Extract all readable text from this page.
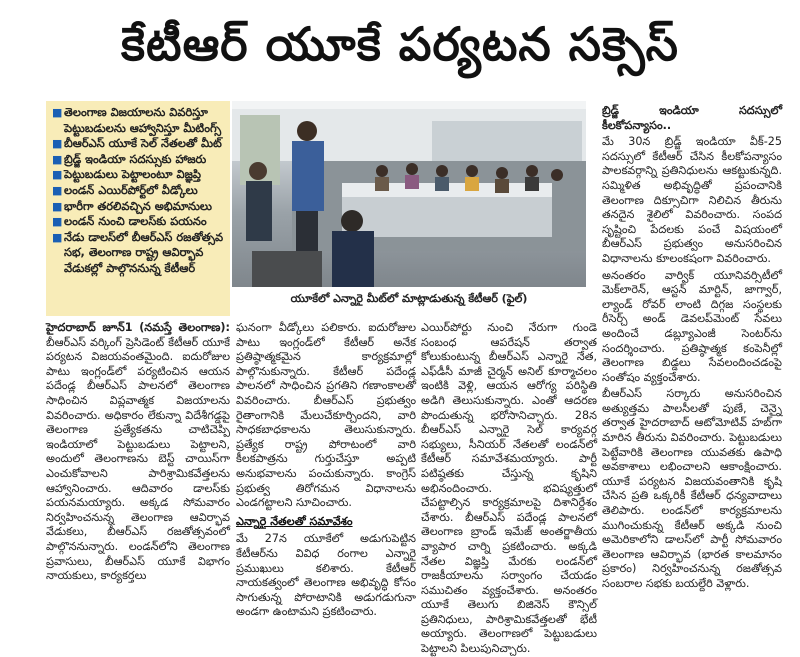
కేటీఆర్ యూకే పర్యటన సక్సెస్
■ తెలంగాణ విజయాలను వివరిస్తూ పెట్టుబడులను ఆహ్వానిస్తూ మీటింగ్స్
■ బీఆర్ఎస్ యూకే సెల్ నేతలతో మీట్
■ బ్రిడ్జ్ ఇండియా సదస్సుకు హాజరు
■ పెట్టుబడులు పెట్టాలంటూ విజ్ఞప్తి
■ లండన్ ఎయిర్‌పోర్ట్‌లో వీడ్కోలు
■ భారీగా తరలివచ్చిన అభిమానులు
■ లండన్ నుంచి డాలస్‌కు పయనం
■ నేడు డాలస్‌లో బీఆర్ఎస్ రజతోత్సవ సభ, తెలంగాణ రాష్ట్ర ఆవిర్భావ వేడుకల్లో పాల్గొననున్న కేటీఆర్
యూకేలో ఎన్నారై మీట్‌లో మాట్లాడుతున్న కేటీఆర్ (ఫైల్)

హైదరాబాద్ జూన్1 (నమస్తే తెలంగాణ): బీఆర్ఎస్ వర్కింగ్ ప్రెసిడెంట్ కేటీఆర్ యూకే పర్యటన విజయవంతమైంది. ఐదురోజుల పాటు ఇంగ్లండ్‌లో పర్యటించిన ఆయన పదేండ్ల బీఆర్ఎస్ పాలనలో తెలంగాణ సాధించిన విప్లవాత్మక విజయాలను వివరించారు. అధికారం లేకున్నా విదేశీగడ్డపై తెలంగాణ ప్రత్యేకతను చాటిచెప్పి ఇండియాలో పెట్టుబడులు పెట్టాలని, అందులో తెలంగాణను బెస్ట్ చాయిస్‌గా ఎంచుకోవాలని పారిశ్రామికవేత్తలను ఆహ్వానించారు. ఆదివారం డాలస్‌కు పయనమయ్యారు. అక్కడ సోమవారం నిర్వహించనున్న తెలంగాణ ఆవిర్భావ వేడుకలు, బీఆర్ఎస్ రజతోత్సవంలో పాల్గొననున్నారు. లండన్‌లోని తెలంగాణ ప్రవాసులు, బీఆర్ఎస్ యూకే విభాగం నాయకులు, కార్యకర్తలు

ఘనంగా వీడ్కోలు పలికారు. ఐదురోజుల పాటు ఇంగ్లండ్‌లో కేటీఆర్ అనేక ప్రతిష్ఠాత్మకమైన కార్యక్రమాల్లో పాల్గొనుకున్నారు. కేటీఆర్ పదేండ్ల పాలనలో సాధించిన ప్రగతిని గణాంకాలతో వివరించారు. బీఆర్ఎస్ ప్రభుత్వం రైతాంగానికి మేలుచేకూర్చిందని, వారి సాధకబాధకాలను తెలుసుకున్నారు. ప్రత్యేక రాష్ట్ర పోరాటంలో వారి కీలకపాత్రను గుర్తుచేస్తూ అప్పటి అనుభవాలను పంచుకున్నారు. కాంగ్రెస్ ప్రభుత్వ తిరోగమన విధానాలను ఎండగట్టాలని సూచించారు.

ఎన్నారై నేతలతో సమావేశం

మే 27న యూకేలో అడుగుపెట్టిన కేటీఆర్‌ను వివిధ రంగాల ఎన్నారై ప్రముఖులు కలిశారు. కేటీఆర్ నాయకత్వంలో తెలంగాణ అభివృద్ధి కోసం సాగుతున్న పోరాటానికి అడుగడుగునా అండగా ఉంటామని ప్రకటించారు.

ఎయిర్‌పోర్టు నుంచి నేరుగా గుండె సంబంధ ఆపరేషన్ తర్వాత కోలుకుంటున్న బీఆర్ఎస్ ఎన్నారై నేత, ఎఫ్‌డీసీ మాజీ చైర్మన్ అనిల్ కూర్మాచలం ఇంటికి వెళ్లి, ఆయన ఆరోగ్య పరిస్థితి అడిగి తెలుసుకున్నారు. ఎంతో ఆదరణ పొందుతున్న భరోసానిచ్చారు. 28న బీఆర్ఎస్ ఎన్నారై సెల్ కార్యవర్గ సభ్యులు, సీనియర్ నేతలతో లండన్‌లో కేటీఆర్ సమావేశమయ్యారు. పార్టీ పటిష్ఠతకు చేస్తున్న కృషిని అభినందించారు. భవిష్యత్తులో చేపట్టాల్సిన కార్యక్రమాలపై దిశానిర్దేశం చేశారు. బీఆర్ఎస్ పదేండ్ల పాలనలో తెలంగాణ బ్రాండ్ ఇమేజ్ అంతర్జాతీయ వ్యాపార చార్ని ప్రకటించారు. అక్కడి నేతల విజ్ఞప్తి మేరకు లండన్‌లో రాజకీయాలను సర్వాంగం చేయడం సముచితం వ్యక్తంచేశారు. అనంతరం యూకే తెలుగు బిజినెస్ కౌన్సిల్ ప్రతినిధులు, పారిశ్రామికవేత్తలతో భేటీ అయ్యారు. తెలంగాణలో పెట్టుబడులు పెట్టాలని పిలుపునిచ్చారు.

బ్రిడ్జ్ ఇండియా సదస్సులో కీలకోపన్యాసం..

మే 30న బ్రిడ్జ్ ఇండియా వీక్-25 సదస్సులో కేటీఆర్ చేసిన కీలకోపన్యాసం పాలకవర్గాన్ని ప్రతినిధులను ఆకట్టుకున్నది. సమ్మిళిత అభివృద్ధితో ప్రపంచానికి తెలంగాణ దిక్సూచిగా నిలిచిన తీరును తనదైన శైలిలో వివరించారు. సంపద సృష్టించి పేదలకు పంచే విషయంలో బీఆర్ఎస్ ప్రభుత్వం అనుసరించిన విధానాలను కూలంకషంగా వివరించారు.

అనంతరం వార్విక్ యూనివర్సిటీలో మెక్‌లారెన్, ఆస్టన్ మార్టిన్, జాగ్వార్, ల్యాండ్ రోవర్ లాంటి దిగ్గజ సంస్థలకు రీసెర్చ్ అండ్ డెవలప్‌మెంట్ సేవలు అందించే డబ్ల్యూఎంజీ సెంటర్‌ను సందర్శించారు. ప్రతిష్ఠాత్మక కంపెనీల్లో తెలంగాణ బిడ్డలు సేవలందించడంపై సంతోషం వ్యక్తంచేశారు.

బీఆర్ఎస్ సర్కారు అనుసరించిన అత్యుత్తమ పాలసీలతో పుణే, చెన్నై తర్వాత హైదరాబాద్ ఆటోమోటివ్ హబ్‌గా మారిన తీరును వివరించారు. పెట్టుబడులు పెట్టేవారికి తెలంగాణ యువతకు ఉపాధి అవకాశాలు లభించాలని ఆకాంక్షించారు. యూకే పర్యటన విజయవంతానికి కృషి చేసిన ప్రతి ఒక్కరికీ కేటీఆర్ ధన్యవాదాలు తెలిపారు. లండన్‌లో కార్యక్రమాలను ముగించుకున్న కేటీఆర్ అక్కడి నుంచి అమెరికాలోని డాలస్‌లో పార్టీ సోమవారం తెలంగాణ ఆవిర్భావ (భారత కాలమానం ప్రకారం) నిర్వహించనున్న రజతోత్సవ సంబరాల సభకు బయల్దేరి వెళ్లారు.
